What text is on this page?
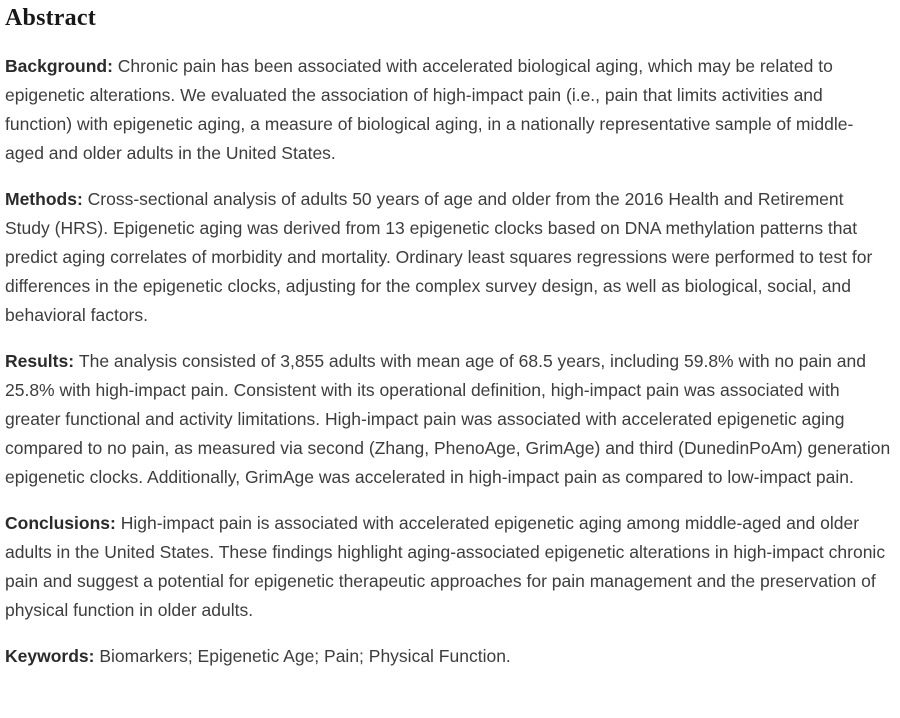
Abstract

Background: Chronic pain has been associated with accelerated biological aging, which may be related to epigenetic alterations. We evaluated the association of high-impact pain (i.e., pain that limits activities and function) with epigenetic aging, a measure of biological aging, in a nationally representative sample of middle-aged and older adults in the United States.

Methods: Cross-sectional analysis of adults 50 years of age and older from the 2016 Health and Retirement Study (HRS). Epigenetic aging was derived from 13 epigenetic clocks based on DNA methylation patterns that predict aging correlates of morbidity and mortality. Ordinary least squares regressions were performed to test for differences in the epigenetic clocks, adjusting for the complex survey design, as well as biological, social, and behavioral factors.

Results: The analysis consisted of 3,855 adults with mean age of 68.5 years, including 59.8% with no pain and 25.8% with high-impact pain. Consistent with its operational definition, high-impact pain was associated with greater functional and activity limitations. High-impact pain was associated with accelerated epigenetic aging compared to no pain, as measured via second (Zhang, PhenoAge, GrimAge) and third (DunedinPoAm) generation epigenetic clocks. Additionally, GrimAge was accelerated in high-impact pain as compared to low-impact pain.

Conclusions: High-impact pain is associated with accelerated epigenetic aging among middle-aged and older adults in the United States. These findings highlight aging-associated epigenetic alterations in high-impact chronic pain and suggest a potential for epigenetic therapeutic approaches for pain management and the preservation of physical function in older adults.

Keywords: Biomarkers; Epigenetic Age; Pain; Physical Function.
